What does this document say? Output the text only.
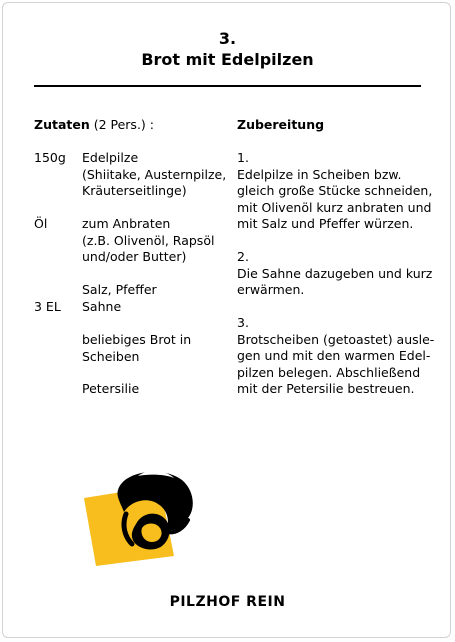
3.
Brot mit Edelpilzen
Zutaten (2 Pers.) :	Zubereitung
150g Edelpilze
(Shiitake, Austernpilze,
Kräuterseitlinge)
Öl	zum Anbraten
(z.B. Olivenöl, Rapsöl
und/oder Butter)
Salz, Pfeffer
3 EL Sahne
beliebiges Brot in
Scheiben
Petersilie
1.
Edelpilze in Scheiben bzw.
gleich große Stücke schneiden,
mit Olivenöl kurz anbraten und
mit Salz und Pfeffer würzen.
2.
Die Sahne dazugeben und kurz
erwärmen.
3.
Brotscheiben (getoastet) ausle-
gen und mit den warmen Edel-
pilzen belegen. Abschließend
mit der Petersilie bestreuen.
PILZHOF REIN
